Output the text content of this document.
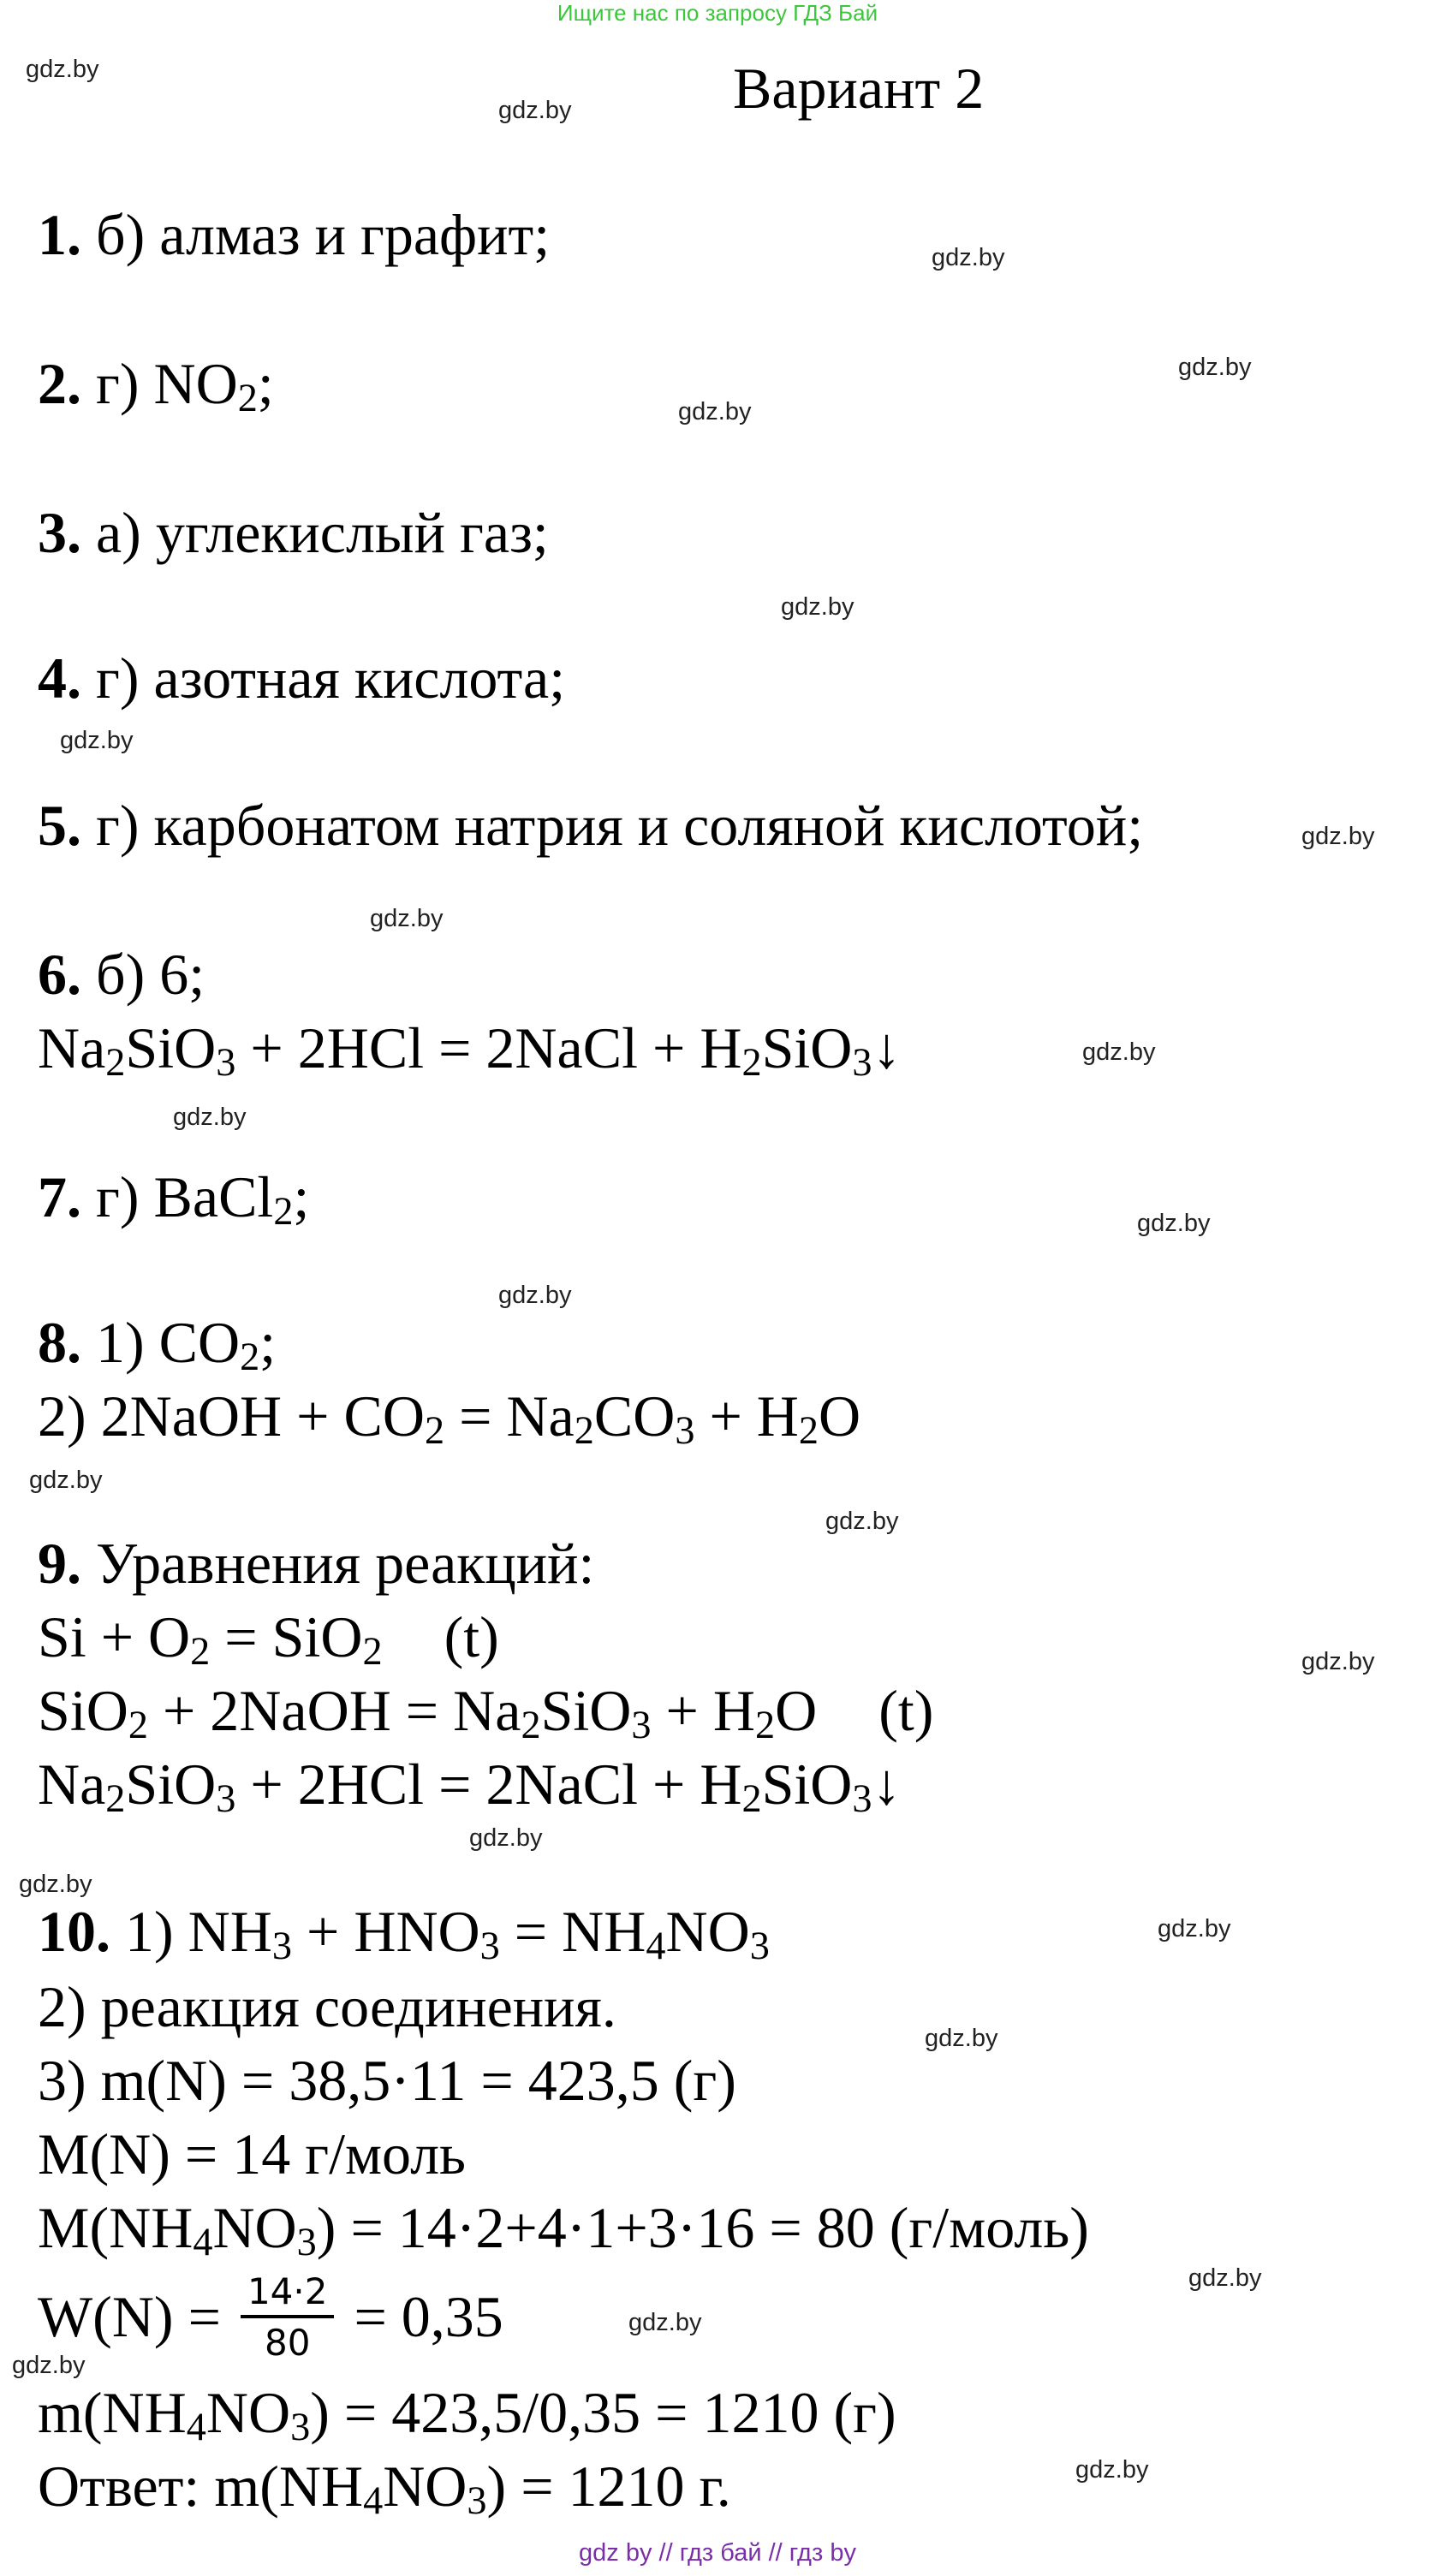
Ищите нас по запросу ГДЗ Бай
Вариант 2
1. б) алмаз и графит;
2. г) $NO_2$;
3. а) углекислый газ;
4. г) азотная кислота;
5. г) карбонатом натрия и соляной кислотой;
6. б) 6;
$Na_2SiO_3 + 2HCl$ = 2NaCl + $H_2SiO_3↓$
7. г) BaCl$_2$;
8. 1) $CO_2$;
2) 2NaOH + $CO_2 = Na_2CO_3 + H_2O$
9. Уравнения реакций:
$Si + O_2 = SiO_2$ (t)
SiO$_2$ + 2NaOH = $Na_2SiO_3 + H_2O$ (t)
$Na_2SiO_3 + 2HCl$ = 2NaCl + $H_2SiO_3↓$
10. 1) $NH_3 + HNO_3 = NH_4NO_3$
2) реакция соединения.
3) m(N) = 38,5·11 = 423,5 (г)
M(N) = 14 г/моль
$M(NH_4NO_3) = 14\cdot 2+4\cdot 1+3\cdot 16 = 80$ (г/моль)
$W(N) = \frac{14\cdot 2}{80} = 0,35$
$m(NH_4NO_3) = 423,5/0,35 = 1210$ (г)
Ответ: $m(NH_4NO_3) = 1210$ г.
gdz.by
gdz.by
gdz.by
gdz.by
gdz.by
gdz.by
gdz.by
gdz.by
gdz.by
gdz.by
gdz.by
gdz.by
gdz.by
gdz.by
gdz.by
gdz.by
gdz.by
gdz.by
gdz.by
gdz.by
gdz.by
gdz.by
gdz.by
gdz.by
gdz by // гдз бай // гдз by
